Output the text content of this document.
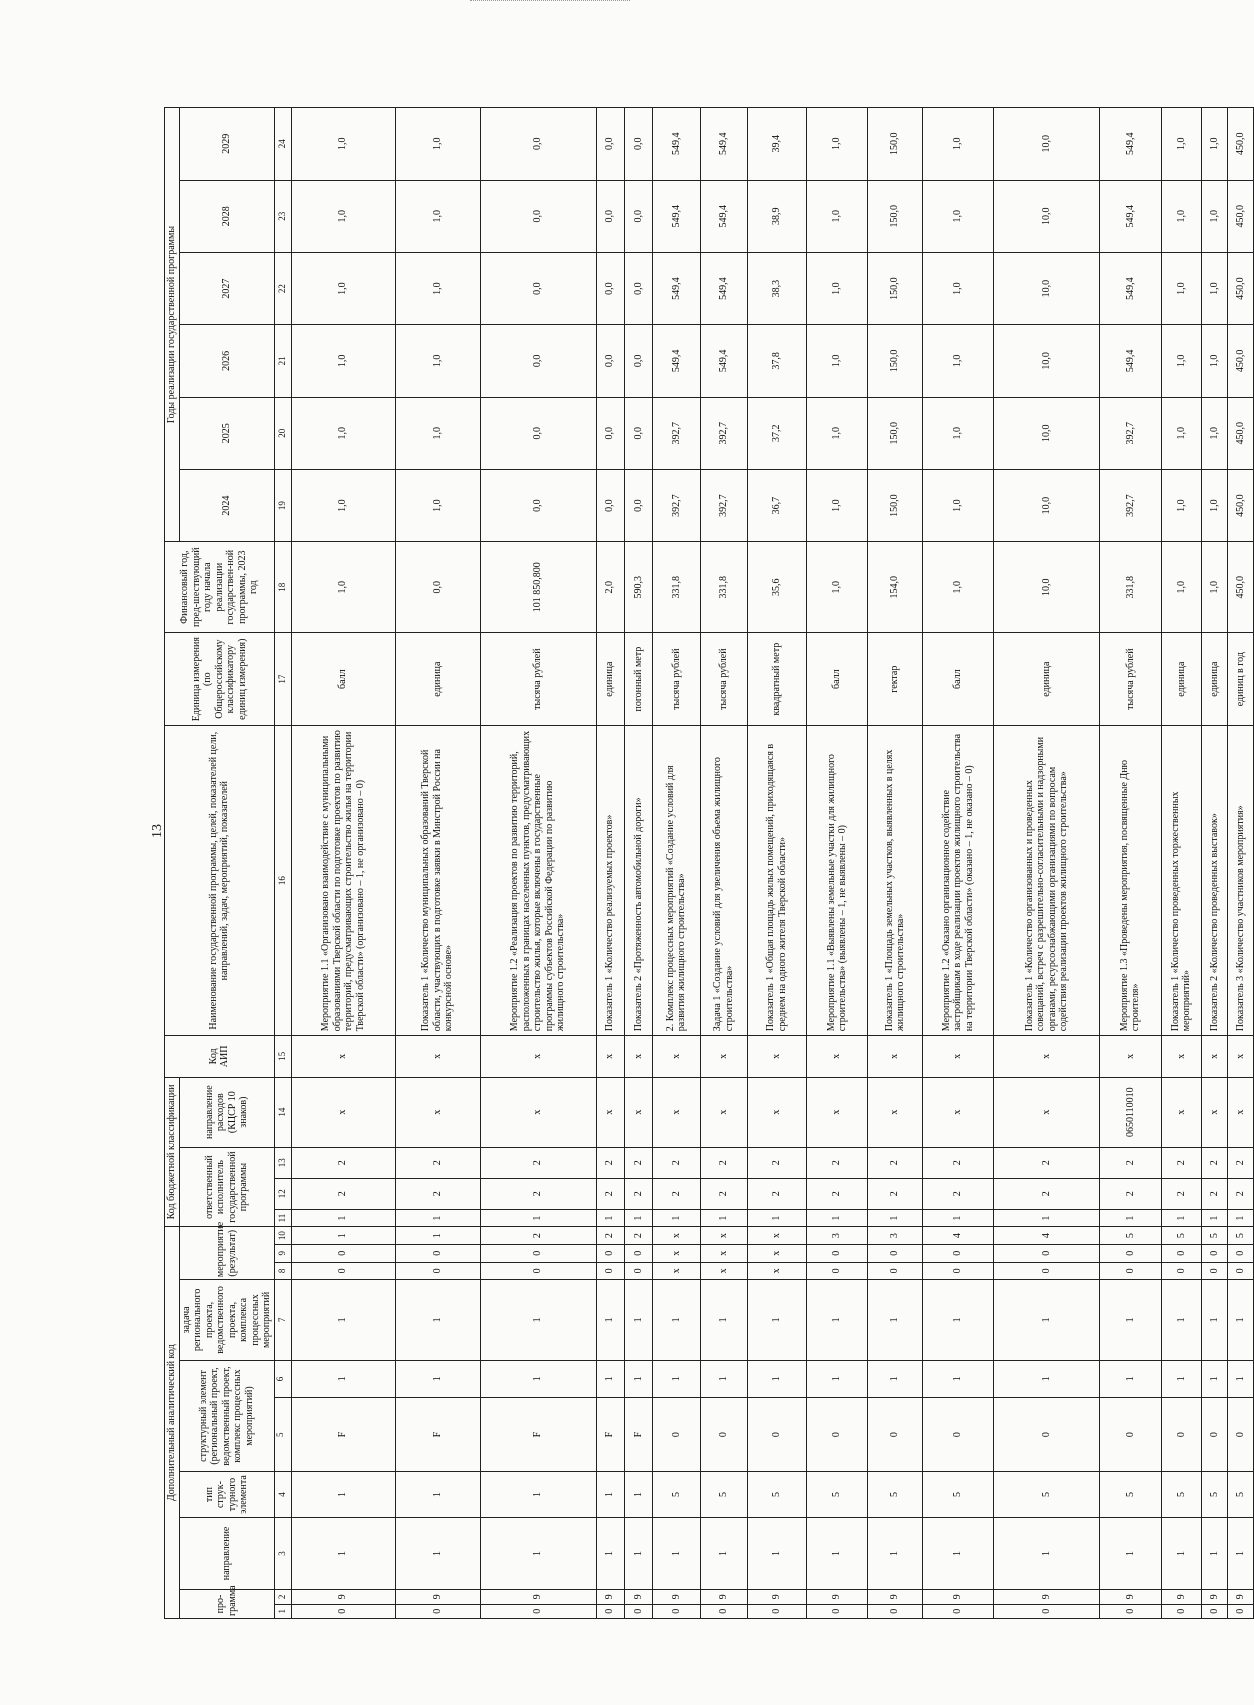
13
Дополнительный аналитический код										Код бюджетной классификации				Код АИП	Наименование государственной программы, целей, показателей цели, направлений, задач, мероприятий, показателей	Единица измерения (по Общероссийскому классификатору единиц измерения)	Финансовый год, пред-шествующий году начала реализации государствен-ной программы, 2023 год	Годы реализации государственной программы					
про-грамма		направление	тип струк-турного элемента	структурный элемент (региональный проект, ведомственный проект, комплекс процессных мероприятий)		задача регионального проекта, ведомственного проекта, комплекса процессных мероприятий	мероприятие (результат)			ответственный исполнитель государственной программы			направление расходов (КЦСР 10 знаков)					2024	2025	2026	2027	2028	2029

1	2	3	4	5
6		7	8	9	10	11	12	13	14	15	16	17	18	19	20	21	22	23	24
0	9	1	1	F	1	1	0	0	1	1	2	2	x	x	Мероприятие 1.1 «Организовано взаимодействие с муниципальными образованиями Тверской области по подготовке проектов по развитию территорий, предусматривающих строительство жилья на территории Тверской области» (организовано – 1, не организовано – 0)	балл	1,0	1,0	1,0	1,0	1,0	1,0	1,0
0	9	1	1	F	1	1	0	0	1	1	2	2	x	x	Показатель 1 «Количество муниципальных образований Тверской области, участвующих в подготовке заявки в Минстрой России на конкурсной основе»	единица	0,0	1,0	1,0	1,0	1,0	1,0	1,0
0	9	1	1	F	1	1	0	0	2	1	2	2	x	x	Мероприятие 1.2 «Реализация проектов по развитию территорий, расположенных в границах населенных пунктов, предусматривающих строительство жилья, которые включены в государственные программы субъектов Российской Федерации по развитию жилищного строительства»	тысяча рублей	101 850,800	0,0	0,0	0,0	0,0	0,0	0,0
0	9	1	1	F	1	1	0	0	2	1	2	2	x	x	Показатель 1 «Количество реализуемых проектов»	единица	2,0	0,0	0,0	0,0	0,0	0,0	0,0
0	9	1	1	F	1	1	0	0	2	1	2	2	x	x	Показатель 2 «Протяженность автомобильной дороги»	погонный метр	590,3	0,0	0,0	0,0	0,0	0,0	0,0
0	9	1	5	0	1	1	x	x	x	1	2	2	x	x	2. Комплекс процессных мероприятий «Создание условий для развития жилищного строительства»	тысяча рублей	331,8	392,7	392,7	549,4	549,4	549,4	549,4
0	9	1	5	0	1	1	x	x	x	1	2	2	x	x	Задача 1 «Создание условий для увеличения объема жилищного строительства»	тысяча рублей	331,8	392,7	392,7	549,4	549,4	549,4	549,4
0	9	1	5	0	1	1	x	x	x	1	2	2	x	x	Показатель 1 «Общая площадь жилых помещений, приходящаяся в среднем на одного жителя Тверской области»	квадратный метр	35,6	36,7	37,2	37,8	38,3	38,9	39,4
0	9	1	5	0	1	1	0	0	3	1	2	2	x	x	Мероприятие 1.1 «Выявлены земельные участки для жилищного строительства» (выявлены – 1, не выявлены – 0)	балл	1,0	1,0	1,0	1,0	1,0	1,0	1,0
0	9	1	5	0	1	1	0	0	3	1	2	2	x	x	Показатель 1 «Площадь земельных участков, выявленных в целях жилищного строительства»	гектар	154,0	150,0	150,0	150,0	150,0	150,0	150,0
0	9	1	5	0	1	1	0	0	4	1	2	2	x	x	Мероприятие 1.2 «Оказано организационное содействие застройщикам в ходе реализации проектов жилищного строительства на территории Тверской области» (оказано – 1, не оказано – 0)	балл	1,0	1,0	1,0	1,0	1,0	1,0	1,0
0	9	1	5	0	1	1	0	0	4	1	2	2	x	x	Показатель 1 «Количество организованных и проведенных совещаний, встреч с разрешительно-согласительными и надзорными органами, ресурсоснабжающими организациями по вопросам содействия реализации проектов жилищного строительства»	единица	10,0	10,0	10,0	10,0	10,0	10,0	10,0
0	9	1	5	0	1	1	0	0	5	1	2	2	0650110010	x	Мероприятие 1.3 «Проведены мероприятия, посвященные Дню строителя»	тысяча рублей	331,8	392,7	392,7	549,4	549,4	549,4	549,4
0	9	1	5	0	1	1	0	0	5	1	2	2	x	x	Показатель 1 «Количество проведенных торжественных мероприятий»	единица	1,0	1,0	1,0	1,0	1,0	1,0	1,0
0	9	1	5	0	1	1	0	0	5	1	2	2	x	x	Показатель 2 «Количество проведенных выставок»	единица	1,0	1,0	1,0	1,0	1,0	1,0	1,0
0	9	1	5	0	1	1	0	0	5	1	2	2	x	x	Показатель 3 «Количество участников мероприятия»	единиц в год	450,0	450,0	450,0	450,0	450,0	450,0	450,0
